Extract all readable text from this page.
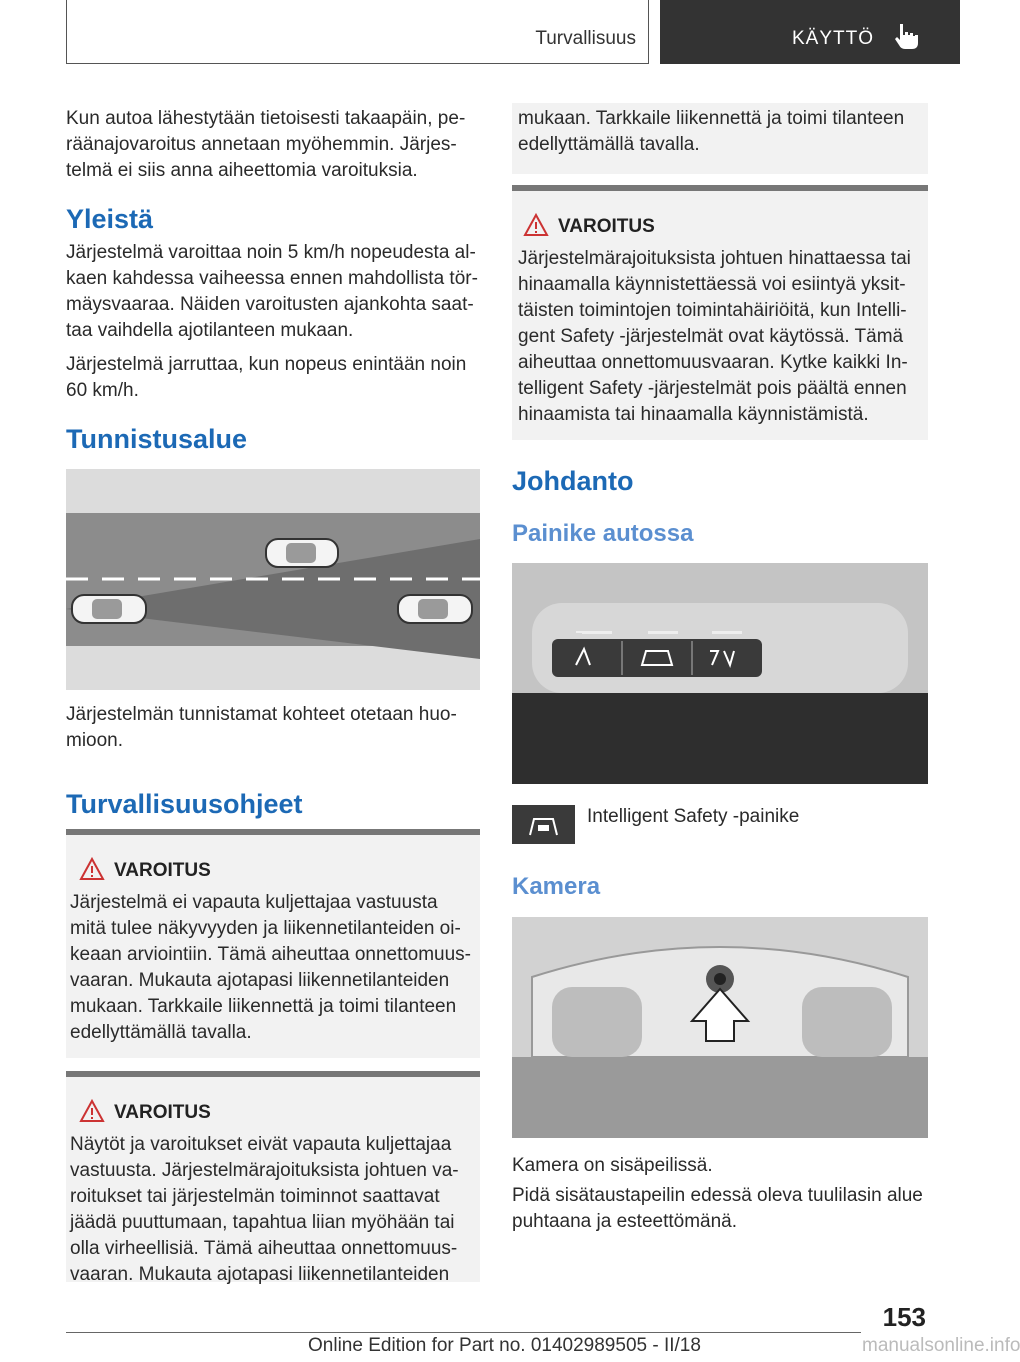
Turvallisuus	KÄYTTÖ
Kun autoa lähestytään tietoisesti takaapäin, pe-
räänajovaroitus annetaan myöhemmin. Järjes-
telmä ei siis anna aiheettomia varoituksia.
Yleistä
Järjestelmä varoittaa noin 5 km/h nopeudesta al-
kaen kahdessa vaiheessa ennen mahdollista tör-
mäysvaaraa. Näiden varoitusten ajankohta saat-
taa vaihdella ajotilanteen mukaan.
Järjestelmä jarruttaa, kun nopeus enintään noin
60 km/h.
Tunnistusalue
Järjestelmän tunnistamat kohteet otetaan huo-
mioon.
Turvallisuusohjeet
VAROITUS
Järjestelmä ei vapauta kuljettajaa vastuusta
mitä tulee näkyvyyden ja liikennetilanteiden oi-
keaan arviointiin. Tämä aiheuttaa onnettomuus-
vaaran. Mukauta ajotapasi liikennetilanteiden
mukaan. Tarkkaile liikennettä ja toimi tilanteen
edellyttämällä tavalla.
VAROITUS
Näytöt ja varoitukset eivät vapauta kuljettajaa
vastuusta. Järjestelmärajoituksista johtuen va-
roitukset tai järjestelmän toiminnot saattavat
jäädä puuttumaan, tapahtua liian myöhään tai
olla virheellisiä. Tämä aiheuttaa onnettomuus-
vaaran. Mukauta ajotapasi liikennetilanteiden
mukaan. Tarkkaile liikennettä ja toimi tilanteen
edellyttämällä tavalla.
VAROITUS
Järjestelmärajoituksista johtuen hinattaessa tai
hinaamalla käynnistettäessä voi esiintyä yksit-
täisten toimintojen toimintahäiriöitä, kun Intelli-
gent Safety -järjestelmät ovat käytössä. Tämä
aiheuttaa onnettomuusvaaran. Kytke kaikki In-
telligent Safety -järjestelmät pois päältä ennen
hinaamista tai hinaamalla käynnistämistä.
Johdanto
Painike autossa
Intelligent Safety -painike
Kamera
Kamera on sisäpeilissä.
Pidä sisätaustapeilin edessä oleva tuulilasin alue
puhtaana ja esteettömänä.
153
Online Edition for Part no. 01402989505 - II/18	manualsonline.info
